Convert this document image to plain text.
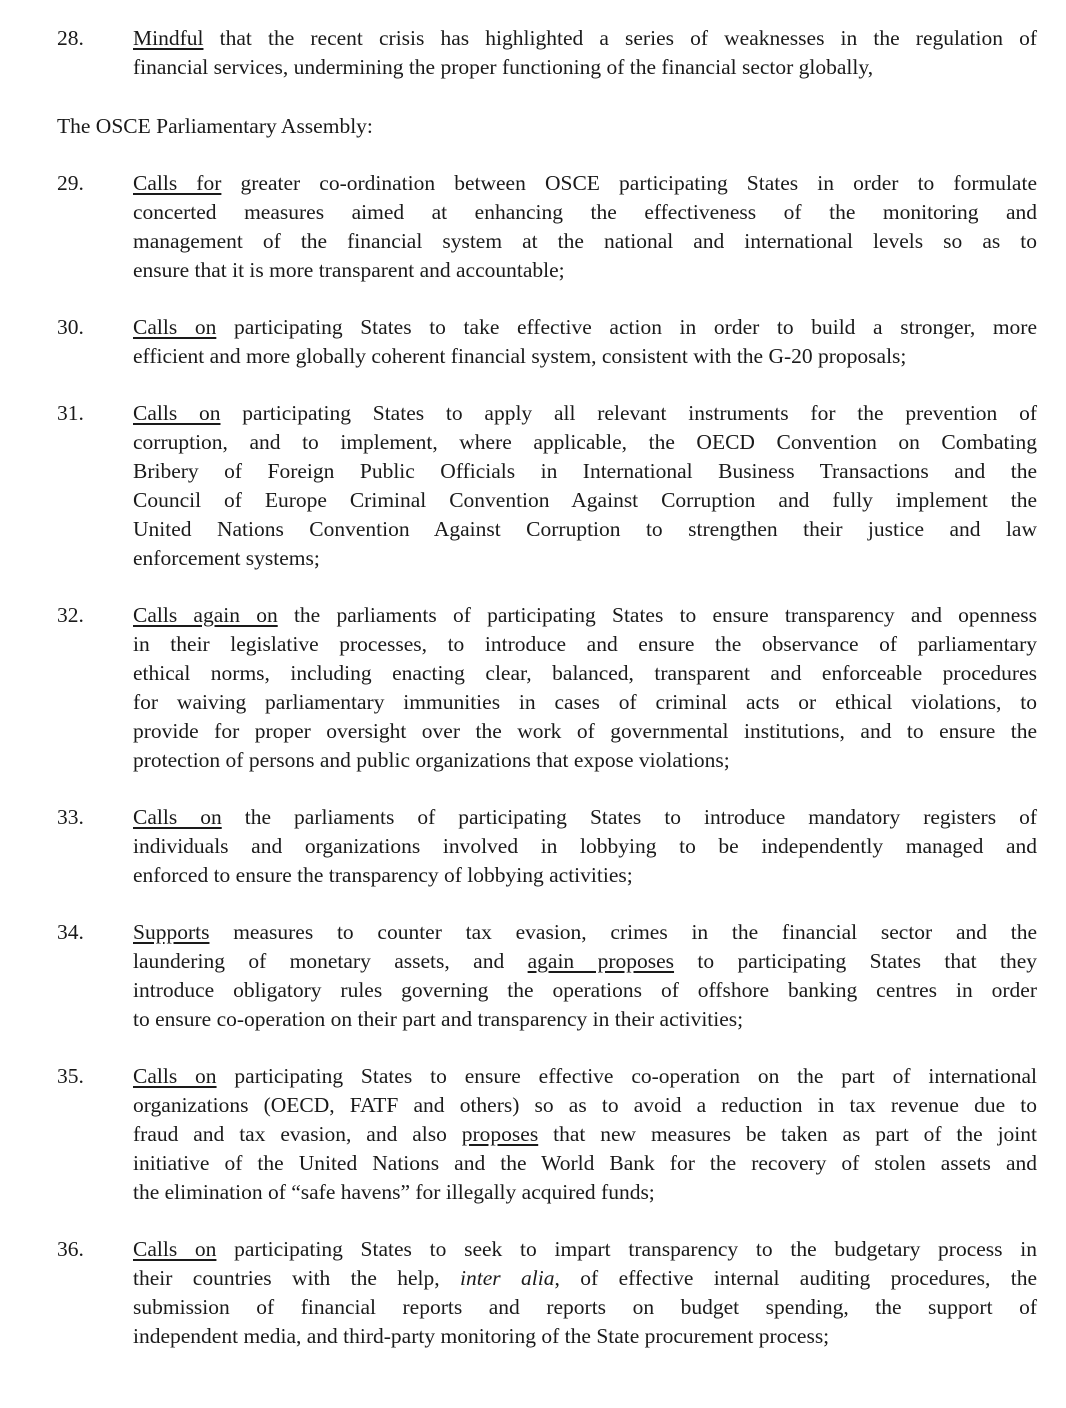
28.	Mindful that the recent crisis has highlighted a series of weaknesses in the regulation of
financial services, undermining the proper functioning of the financial sector globally,
The OSCE Parliamentary Assembly:
29.	Calls for greater co-ordination between OSCE participating States in order to formulate
concerted measures aimed at enhancing the effectiveness of the monitoring and
management of the financial system at the national and international levels so as to
ensure that it is more transparent and accountable;
30.	Calls on participating States to take effective action in order to build a stronger, more
efficient and more globally coherent financial system, consistent with the G-20 proposals;
31.	Calls on participating States to apply all relevant instruments for the prevention of
corruption, and to implement, where applicable, the OECD Convention on Combating
Bribery of Foreign Public Officials in International Business Transactions and the
Council of Europe Criminal Convention Against Corruption and fully implement the
United Nations Convention Against Corruption to strengthen their justice and law
enforcement systems;
32.	Calls again on the parliaments of participating States to ensure transparency and openness
in their legislative processes, to introduce and ensure the observance of parliamentary
ethical norms, including enacting clear, balanced, transparent and enforceable procedures
for waiving parliamentary immunities in cases of criminal acts or ethical violations, to
provide for proper oversight over the work of governmental institutions, and to ensure the
protection of persons and public organizations that expose violations;
33.	Calls on the parliaments of participating States to introduce mandatory registers of
individuals and organizations involved in lobbying to be independently managed and
enforced to ensure the transparency of lobbying activities;
34.	Supports measures to counter tax evasion, crimes in the financial sector and the
laundering of monetary assets, and again proposes to participating States that they
introduce obligatory rules governing the operations of offshore banking centres in order
to ensure co-operation on their part and transparency in their activities;
35.	Calls on participating States to ensure effective co-operation on the part of international
organizations (OECD, FATF and others) so as to avoid a reduction in tax revenue due to
fraud and tax evasion, and also proposes that new measures be taken as part of the joint
initiative of the United Nations and the World Bank for the recovery of stolen assets and
the elimination of “safe havens” for illegally acquired funds;
36.	Calls on participating States to seek to impart transparency to the budgetary process in
their countries with the help, inter alia, of effective internal auditing procedures, the
submission of financial reports and reports on budget spending, the support of
independent media, and third-party monitoring of the State procurement process;
